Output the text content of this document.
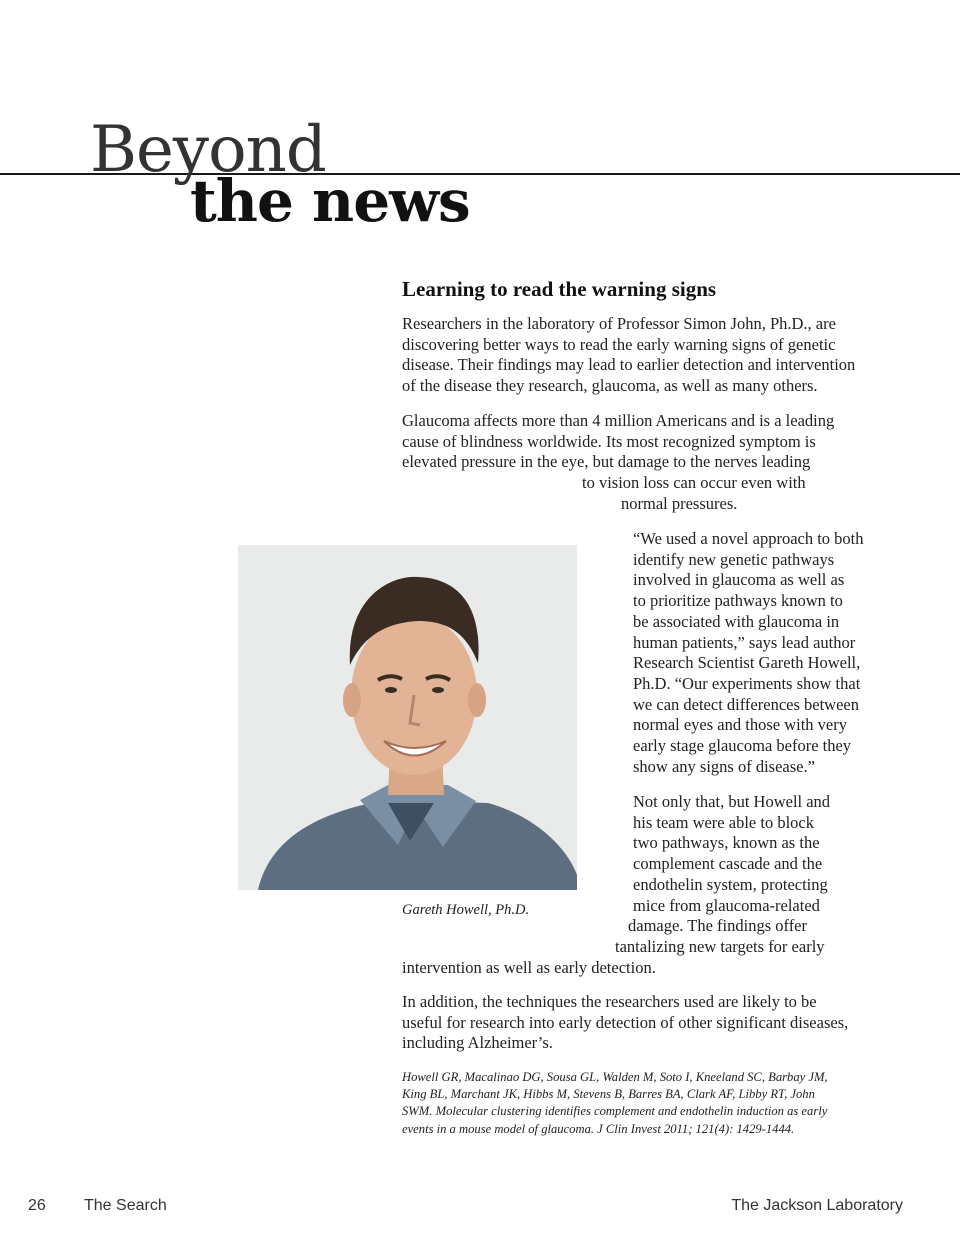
Beyond
the news
Learning to read the warning signs
Researchers in the laboratory of Professor Simon John, Ph.D., are
discovering better ways to read the early warning signs of genetic
disease. Their findings may lead to earlier detection and intervention
of the disease they research, glaucoma, as well as many others.
Glaucoma affects more than 4 million Americans and is a leading
cause of blindness worldwide. Its most recognized symptom is
elevated pressure in the eye, but damage to the nerves leading
to vision loss can occur even with
normal pressures.
“We used a novel approach to both
identify new genetic pathways
involved in glaucoma as well as
to prioritize pathways known to
be associated with glaucoma in
human patients,” says lead author
Research Scientist Gareth Howell,
Ph.D. “Our experiments show that
we can detect differences between
normal eyes and those with very
early stage glaucoma before they
show any signs of disease.”
Not only that, but Howell and
his team were able to block
two pathways, known as the
complement cascade and the
endothelin system, protecting
mice from glaucoma-related
damage. The findings offer
tantalizing new targets for early
intervention as well as early detection.
Gareth Howell, Ph.D.
In addition, the techniques the researchers used are likely to be
useful for research into early detection of other significant diseases,
including Alzheimer’s.
Howell GR, Macalinao DG, Sousa GL, Walden M, Soto I, Kneeland SC, Barbay JM,
King BL, Marchant JK, Hibbs M, Stevens B, Barres BA, Clark AF, Libby RT, John
SWM. Molecular clustering identifies complement and endothelin induction as early
events in a mouse model of glaucoma. J Clin Invest 2011; 121(4): 1429-1444.
26 The Search	The Jackson Laboratory
